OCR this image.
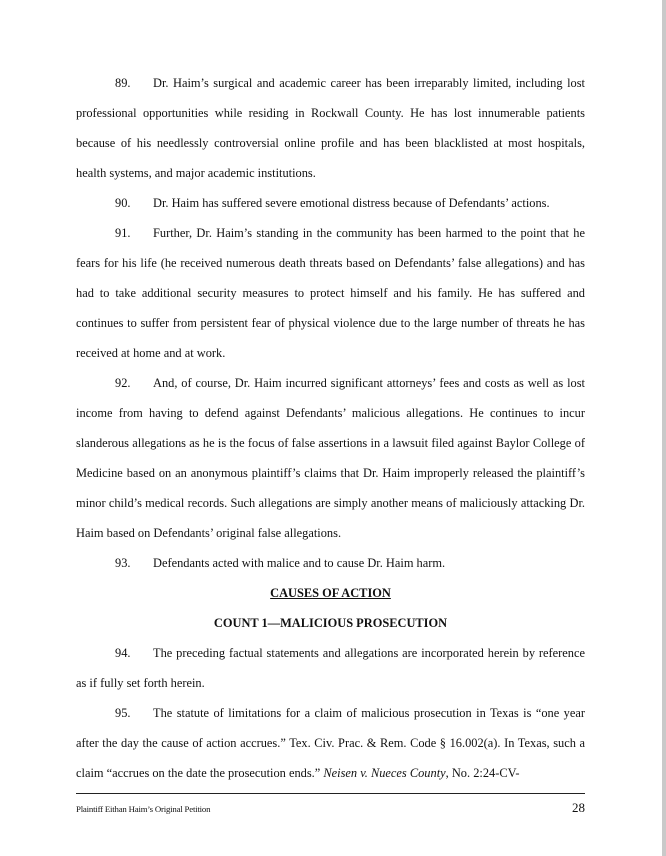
89. Dr. Haim’s surgical and academic career has been irreparably limited, including lost professional opportunities while residing in Rockwall County. He has lost innumerable patients because of his needlessly controversial online profile and has been blacklisted at most hospitals, health systems, and major academic institutions.

90. Dr. Haim has suffered severe emotional distress because of Defendants’ actions.

91. Further, Dr. Haim’s standing in the community has been harmed to the point that he fears for his life (he received numerous death threats based on Defendants’ false allegations) and has had to take additional security measures to protect himself and his family. He has suffered and continues to suffer from persistent fear of physical violence due to the large number of threats he has received at home and at work.

92. And, of course, Dr. Haim incurred significant attorneys’ fees and costs as well as lost income from having to defend against Defendants’ malicious allegations. He continues to incur slanderous allegations as he is the focus of false assertions in a lawsuit filed against Baylor College of Medicine based on an anonymous plaintiff’s claims that Dr. Haim improperly released the plaintiff’s minor child’s medical records. Such allegations are simply another means of maliciously attacking Dr. Haim based on Defendants’ original false allegations.

93. Defendants acted with malice and to cause Dr. Haim harm.

CAUSES OF ACTION

COUNT 1—MALICIOUS PROSECUTION

94. The preceding factual statements and allegations are incorporated herein by reference as if fully set forth herein.

95. The statute of limitations for a claim of malicious prosecution in Texas is “one year after the day the cause of action accrues.” Tex. Civ. Prac. & Rem. Code § 16.002(a). In Texas, such a claim “accrues on the date the prosecution ends.” Neisen v. Nueces County, No. 2:24-CV-

Plaintiff Eithan Haim’s Original Petition	28
